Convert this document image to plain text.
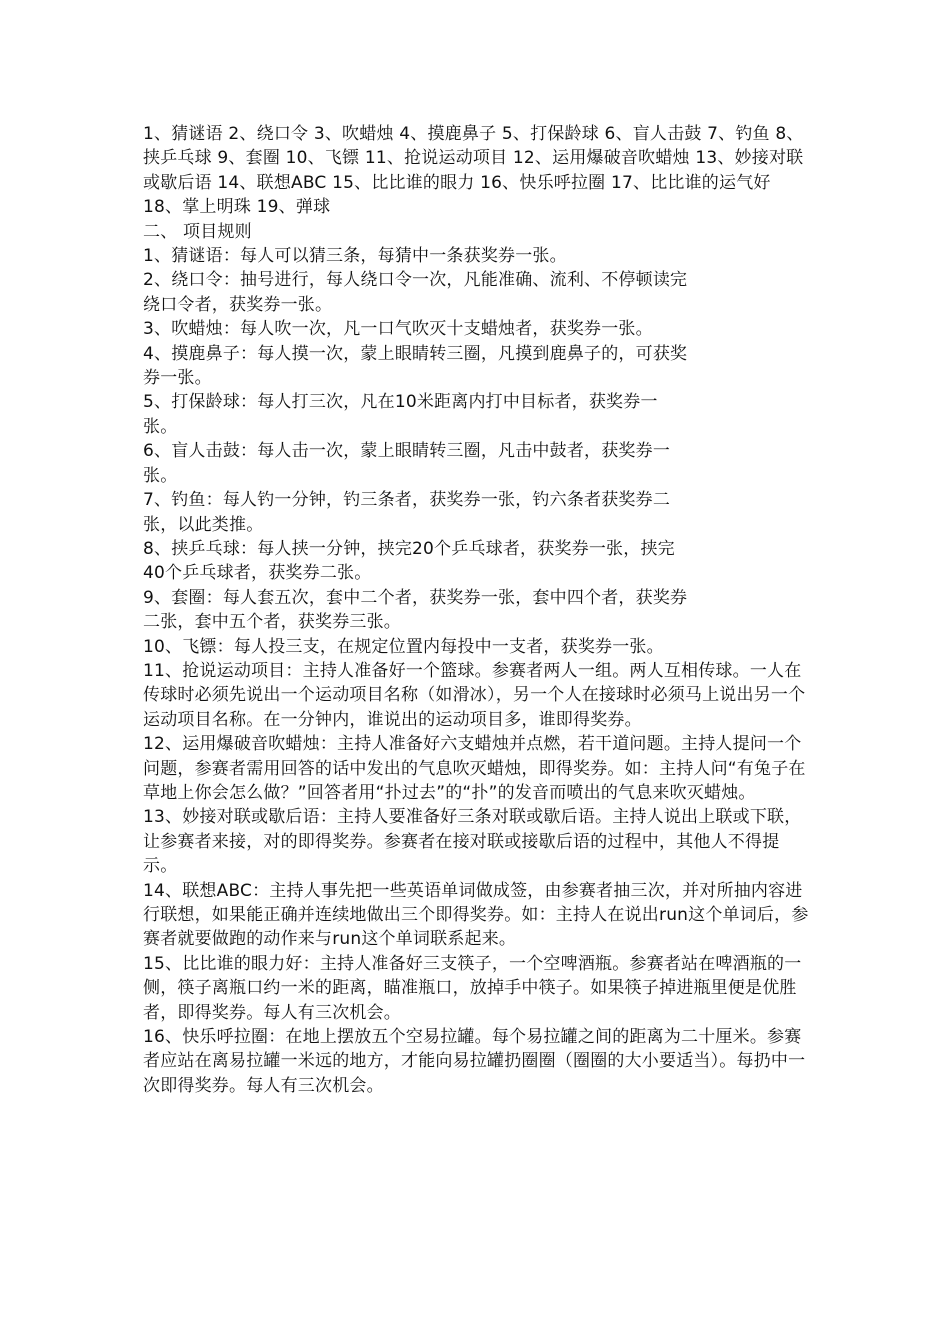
1、猜谜语 2、绕口令 3、吹蜡烛 4、摸鹿鼻子 5、打保龄球 6、盲人击鼓 7、钓鱼 8、挟乒乓球 9、套圈 10、飞镖 11、抢说运动项目 12、运用爆破音吹蜡烛 13、妙接对联或歇后语 14、联想ABC 15、比比谁的眼力 16、快乐呼拉圈 17、比比谁的运气好 18、掌上明珠 19、弹球

二、 项目规则

1、猜谜语：每人可以猜三条，每猜中一条获奖券一张。

2、绕口令：抽号进行，每人绕口令一次，凡能准确、流利、不停顿读完绕口令者，获奖券一张。

3、吹蜡烛：每人吹一次，凡一口气吹灭十支蜡烛者，获奖券一张。

4、摸鹿鼻子：每人摸一次，蒙上眼睛转三圈，凡摸到鹿鼻子的，可获奖券一张。

5、打保龄球：每人打三次，凡在10米距离内打中目标者，获奖券一张。

6、盲人击鼓：每人击一次，蒙上眼睛转三圈，凡击中鼓者，获奖券一张。

7、钓鱼：每人钓一分钟，钓三条者，获奖券一张，钓六条者获奖券二张，以此类推。

8、挟乒乓球：每人挟一分钟，挟完20个乒乓球者，获奖券一张，挟完40个乒乓球者，获奖券二张。

9、套圈：每人套五次，套中二个者，获奖券一张，套中四个者，获奖券二张，套中五个者，获奖券三张。

10、飞镖：每人投三支，在规定位置内每投中一支者，获奖券一张。

11、抢说运动项目：主持人准备好一个篮球。参赛者两人一组。两人互相传球。一人在传球时必须先说出一个运动项目名称（如滑冰），另一个人在接球时必须马上说出另一个运动项目名称。在一分钟内，谁说出的运动项目多，谁即得奖券。

12、运用爆破音吹蜡烛：主持人准备好六支蜡烛并点燃，若干道问题。主持人提问一个问题，参赛者需用回答的话中发出的气息吹灭蜡烛，即得奖券。如：主持人问“有兔子在草地上你会怎么做？”回答者用“扑过去”的“扑”的发音而喷出的气息来吹灭蜡烛。

13、妙接对联或歇后语：主持人要准备好三条对联或歇后语。主持人说出上联或下联，让参赛者来接，对的即得奖券。参赛者在接对联或接歇后语的过程中，其他人不得提示。

14、联想ABC：主持人事先把一些英语单词做成签，由参赛者抽三次，并对所抽内容进行联想，如果能正确并连续地做出三个即得奖券。如：主持人在说出run这个单词后，参赛者就要做跑的动作来与run这个单词联系起来。

15、比比谁的眼力好：主持人准备好三支筷子，一个空啤酒瓶。参赛者站在啤酒瓶的一侧，筷子离瓶口约一米的距离，瞄准瓶口，放掉手中筷子。如果筷子掉进瓶里便是优胜者，即得奖券。每人有三次机会。

16、快乐呼拉圈：在地上摆放五个空易拉罐。每个易拉罐之间的距离为二十厘米。参赛者应站在离易拉罐一米远的地方，才能向易拉罐扔圈圈（圈圈的大小要适当）。每扔中一次即得奖券。每人有三次机会。
